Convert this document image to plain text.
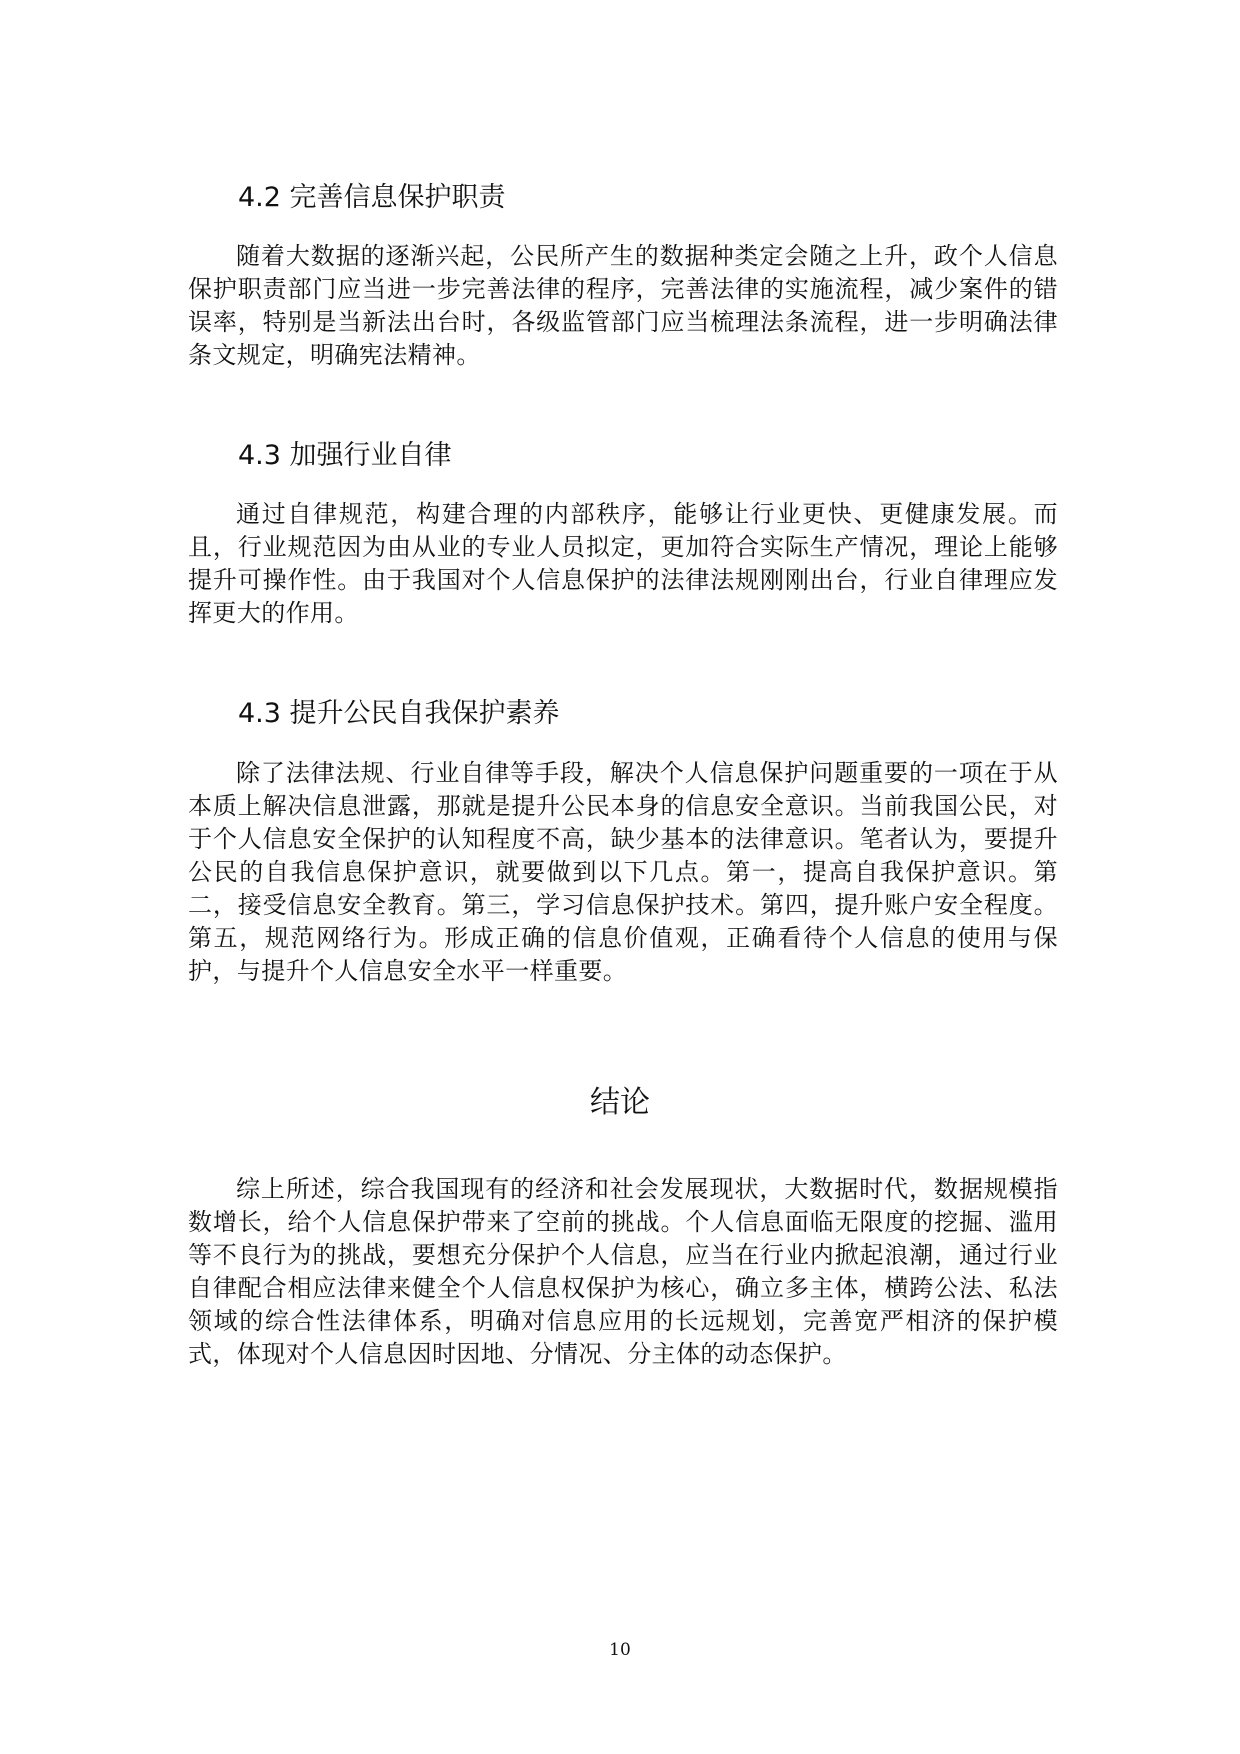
4.2 完善信息保护职责

随着大数据的逐渐兴起，公民所产生的数据种类定会随之上升，政个人信息保护职责部门应当进一步完善法律的程序，完善法律的实施流程，减少案件的错误率，特别是当新法出台时，各级监管部门应当梳理法条流程，进一步明确法律条文规定，明确宪法精神。

4.3 加强行业自律

通过自律规范，构建合理的内部秩序，能够让行业更快、更健康发展。而且，行业规范因为由从业的专业人员拟定，更加符合实际生产情况，理论上能够提升可操作性。由于我国对个人信息保护的法律法规刚刚出台，行业自律理应发挥更大的作用。

4.3 提升公民自我保护素养

除了法律法规、行业自律等手段，解决个人信息保护问题重要的一项在于从本质上解决信息泄露，那就是提升公民本身的信息安全意识。当前我国公民，对于个人信息安全保护的认知程度不高，缺少基本的法律意识。笔者认为，要提升公民的自我信息保护意识，就要做到以下几点。第一，提高自我保护意识。第二，接受信息安全教育。第三，学习信息保护技术。第四，提升账户安全程度。第五，规范网络行为。形成正确的信息价值观，正确看待个人信息的使用与保护，与提升个人信息安全水平一样重要。

结论

综上所述，综合我国现有的经济和社会发展现状，大数据时代，数据规模指数增长，给个人信息保护带来了空前的挑战。个人信息面临无限度的挖掘、滥用等不良行为的挑战，要想充分保护个人信息，应当在行业内掀起浪潮，通过行业自律配合相应法律来健全个人信息权保护为核心，确立多主体，横跨公法、私法领域的综合性法律体系，明确对信息应用的长远规划，完善宽严相济的保护模式，体现对个人信息因时因地、分情况、分主体的动态保护。

10
